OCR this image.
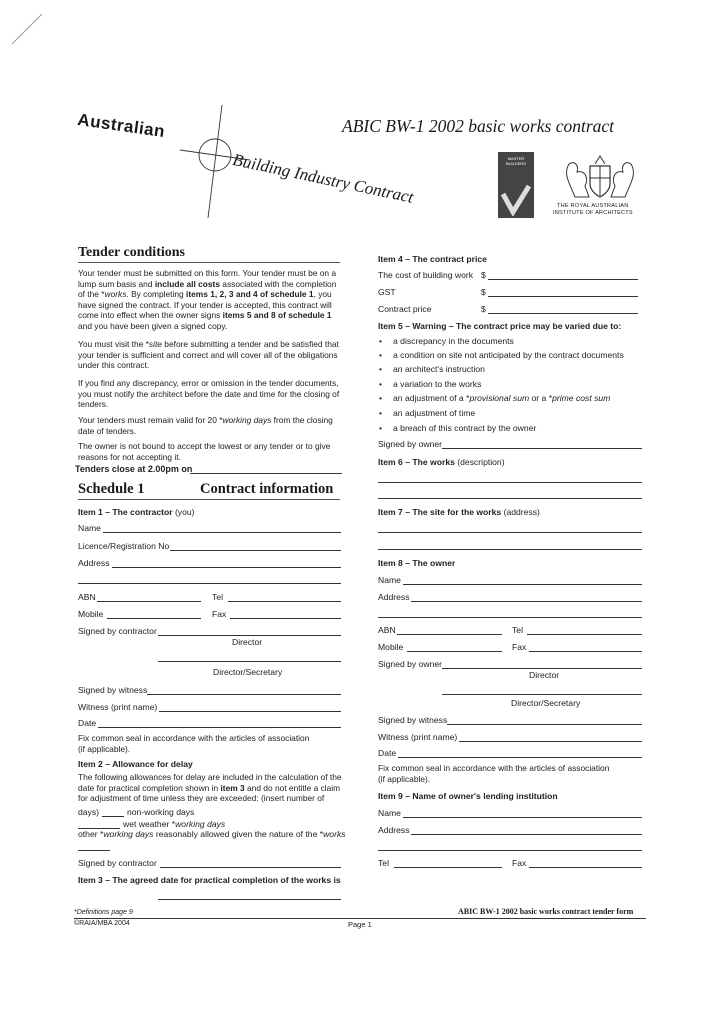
Australian
Building Industry Contract
ABIC BW-1 2002 basic works contract
MASTER BUILDERS
THE ROYAL AUSTRALIAN
INSTITUTE OF ARCHITECTS
Tender conditions
Your tender must be submitted on this form. Your tender must be on a
lump sum basis and include all costs associated with the completion
of the *works. By completing items 1, 2, 3 and 4 of schedule 1, you
have signed the contract. If your tender is accepted, this contract will
come into effect when the owner signs items 5 and 8 of schedule 1
and you have been given a signed copy.
You must visit the *site before submitting a tender and be satisfied that
your tender is sufficient and correct and will cover all of the obligations
under this contract.
If you find any discrepancy, error or omission in the tender documents,
you must notify the architect before the date and time for the closing of
tenders.
Your tenders must remain valid for 20 *working days from the closing
date of tenders.
The owner is not bound to accept the lowest or any tender or to give
reasons for not accepting it.
Tenders close at 2.00pm on
Schedule 1	Contract information
Item 1 – The contractor (you)
Name
Licence/Registration No
Address
ABN	Tel
Mobile	Fax
Signed by contractor
Director
Director/Secretary
Signed by witness
Witness (print name)
Date
Fix common seal in accordance with the articles of association
(if applicable).
Item 2 – Allowance for delay
The following allowances for delay are included in the calculation of the
date for practical completion shown in item 3 and do not entitle a claim
for adjustment of time unless they are exceeded: (insert number of
days)	non-working days
wet weather *working days
other *working days reasonably allowed given the nature of the *works
Signed by contractor
Item 3 – The agreed date for practical completion of the works is
Item 4 – The contract price
The cost of building work $
GST	$
Contract price	$
Item 5 – Warning – The contract price may be varied due to:
• a discrepancy in the documents
• a condition on site not anticipated by the contract documents
• an architect's instruction
• a variation to the works
• an adjustment of a *provisional sum or a *prime cost sum
• an adjustment of time
• a breach of this contract by the owner
Signed by owner
Item 6 – The works (description)
Item 7 – The site for the works (address)
Item 8 – The owner
Name
Address
ABN	Tel
Mobile	Fax
Signed by owner
Director
Director/Secretary
Signed by witness
Witness (print name)
Date
Fix common seal in accordance with the articles of association
(if applicable).
Item 9 – Name of owner's lending institution
Name
Address
Tel	Fax
*Definitions page 9	ABIC BW-1 2002 basic works contract tender form
©RAIA/MBA 2004	Page 1
